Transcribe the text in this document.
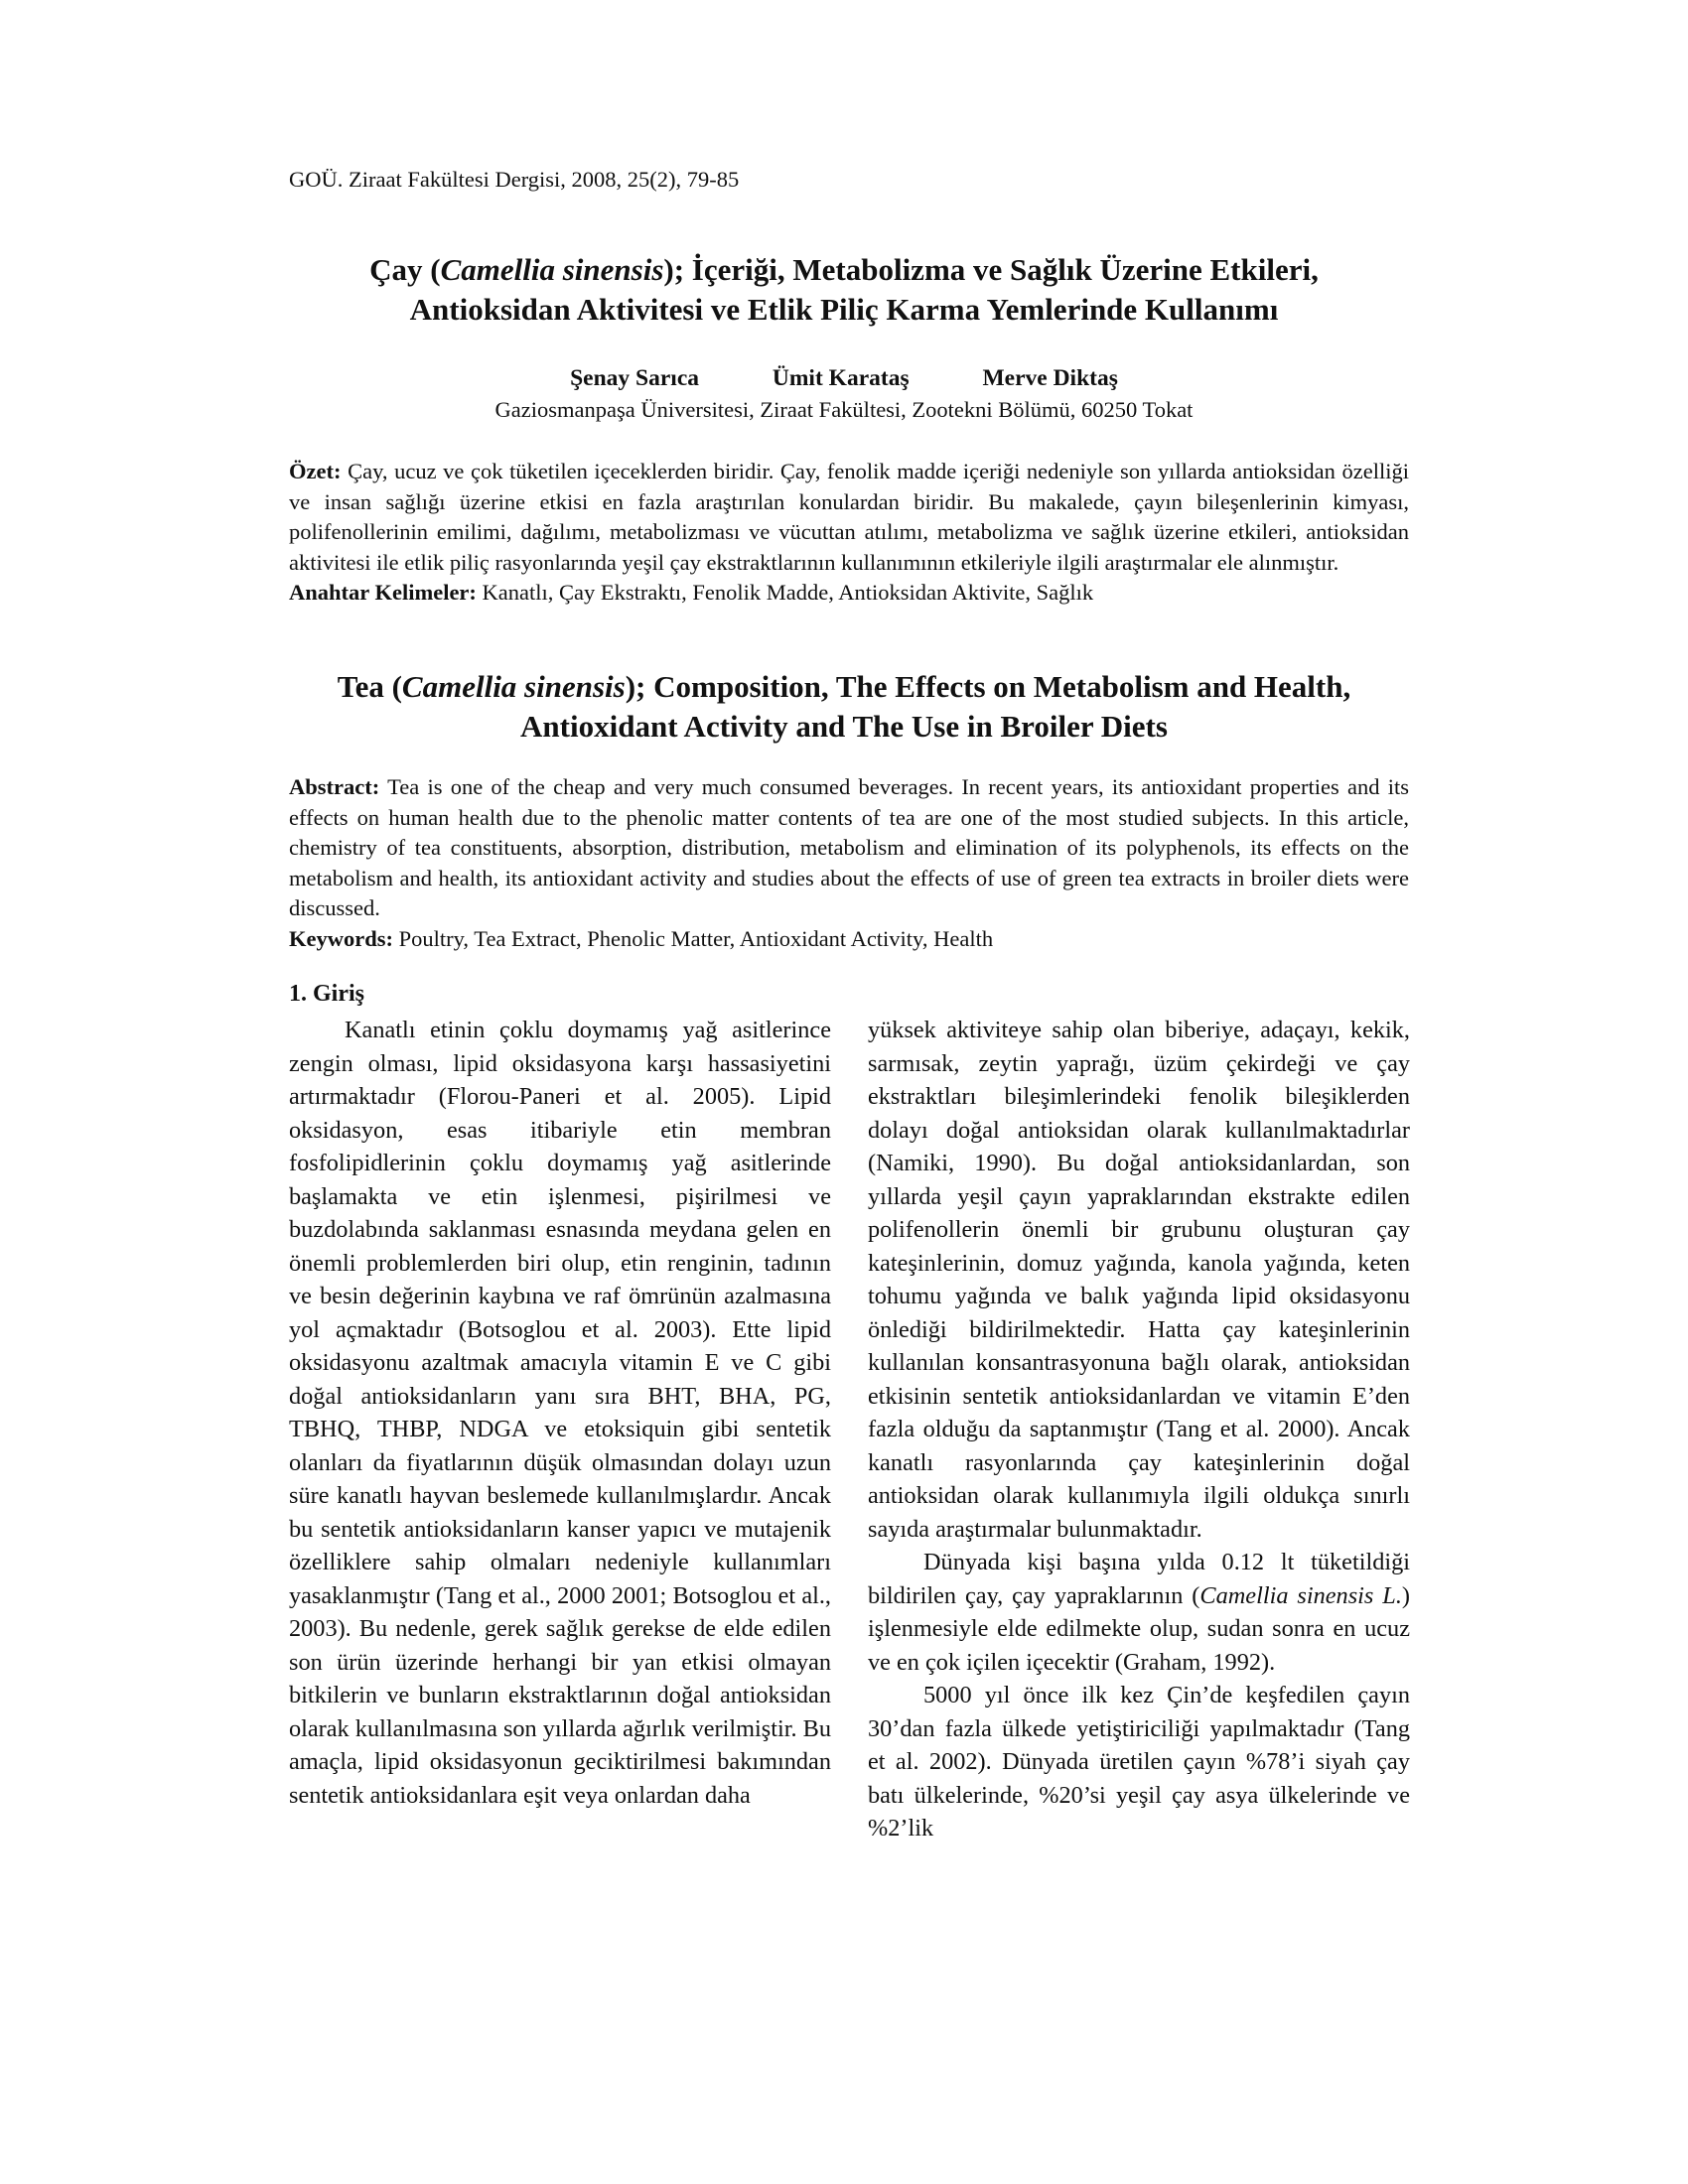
GOÜ. Ziraat Fakültesi Dergisi, 2008, 25(2), 79-85
Çay (Camellia sinensis); İçeriği, Metabolizma ve Sağlık Üzerine Etkileri,
Antioksidan Aktivitesi ve Etlik Piliç Karma Yemlerinde Kullanımı
Şenay Sarıca	Ümit Karataş	Merve Diktaş
Gaziosmanpaşa Üniversitesi, Ziraat Fakültesi, Zootekni Bölümü, 60250 Tokat

Özet: Çay, ucuz ve çok tüketilen içeceklerden biridir. Çay, fenolik madde içeriği nedeniyle son yıllarda antioksidan özelliği ve insan sağlığı üzerine etkisi en fazla araştırılan konulardan biridir. Bu makalede, çayın bileşenlerinin kimyası, polifenollerinin emilimi, dağılımı, metabolizması ve vücuttan atılımı, metabolizma ve sağlık üzerine etkileri, antioksidan aktivitesi ile etlik piliç rasyonlarında yeşil çay ekstraktlarının kullanımının etkileriyle ilgili araştırmalar ele alınmıştır.

Anahtar Kelimeler: Kanatlı, Çay Ekstraktı, Fenolik Madde, Antioksidan Aktivite, Sağlık

Tea (Camellia sinensis); Composition, The Effects on Metabolism and Health,
Antioxidant Activity and The Use in Broiler Diets

Abstract: Tea is one of the cheap and very much consumed beverages. In recent years, its antioxidant properties and its effects on human health due to the phenolic matter contents of tea are one of the most studied subjects. In this article, chemistry of tea constituents, absorption, distribution, metabolism and elimination of its polyphenols, its effects on the metabolism and health, its antioxidant activity and studies about the effects of use of green tea extracts in broiler diets were discussed.

Keywords: Poultry, Tea Extract, Phenolic Matter, Antioxidant Activity, Health

1. Giriş

Kanatlı etinin çoklu doymamış yağ asitlerince zengin olması, lipid oksidasyona karşı hassasiyetini artırmaktadır (Florou-Paneri et al. 2005). Lipid oksidasyon, esas itibariyle etin membran fosfolipidlerinin çoklu doymamış yağ asitlerinde başlamakta ve etin işlenmesi, pişirilmesi ve buzdolabında saklanması esnasında meydana gelen en önemli problemlerden biri olup, etin renginin, tadının ve besin değerinin kaybına ve raf ömrünün azalmasına yol açmaktadır (Botsoglou et al. 2003). Ette lipid oksidasyonu azaltmak amacıyla vitamin E ve C gibi doğal antioksidanların yanı sıra BHT, BHA, PG, TBHQ, THBP, NDGA ve etoksiquin gibi sentetik olanları da fiyatlarının düşük olmasından dolayı uzun süre kanatlı hayvan beslemede kullanılmışlardır. Ancak bu sentetik antioksidanların kanser yapıcı ve mutajenik özelliklere sahip olmaları nedeniyle kullanımları yasaklanmıştır (Tang et al., 2000 2001; Botsoglou et al., 2003). Bu nedenle, gerek sağlık gerekse de elde edilen son ürün üzerinde herhangi bir yan etkisi olmayan bitkilerin ve bunların ekstraktlarının doğal antioksidan olarak kullanılmasına son yıllarda ağırlık verilmiştir. Bu amaçla, lipid oksidasyonun geciktirilmesi bakımından sentetik antioksidanlara eşit veya onlardan daha

yüksek aktiviteye sahip olan biberiye, adaçayı, kekik, sarmısak, zeytin yaprağı, üzüm çekirdeği ve çay ekstraktları bileşimlerindeki fenolik bileşiklerden dolayı doğal antioksidan olarak kullanılmaktadırlar (Namiki, 1990). Bu doğal antioksidanlardan, son yıllarda yeşil çayın yapraklarından ekstrakte edilen polifenollerin önemli bir grubunu oluşturan çay kateşinlerinin, domuz yağında, kanola yağında, keten tohumu yağında ve balık yağında lipid oksidasyonu önlediği bildirilmektedir. Hatta çay kateşinlerinin kullanılan konsantrasyonuna bağlı olarak, antioksidan etkisinin sentetik antioksidanlardan ve vitamin E’den fazla olduğu da saptanmıştır (Tang et al. 2000). Ancak kanatlı rasyonlarında çay kateşinlerinin doğal antioksidan olarak kullanımıyla ilgili oldukça sınırlı sayıda araştırmalar bulunmaktadır.

Dünyada kişi başına yılda 0.12 lt tüketildiği bildirilen çay, çay yapraklarının (Camellia sinensis L.) işlenmesiyle elde edilmekte olup, sudan sonra en ucuz ve en çok içilen içecektir (Graham, 1992).

5000 yıl önce ilk kez Çin’de keşfedilen çayın 30’dan fazla ülkede yetiştiriciliği yapılmaktadır (Tang et al. 2002). Dünyada üretilen çayın %78’i siyah çay batı ülkelerinde, %20’si yeşil çay asya ülkelerinde ve %2’lik
